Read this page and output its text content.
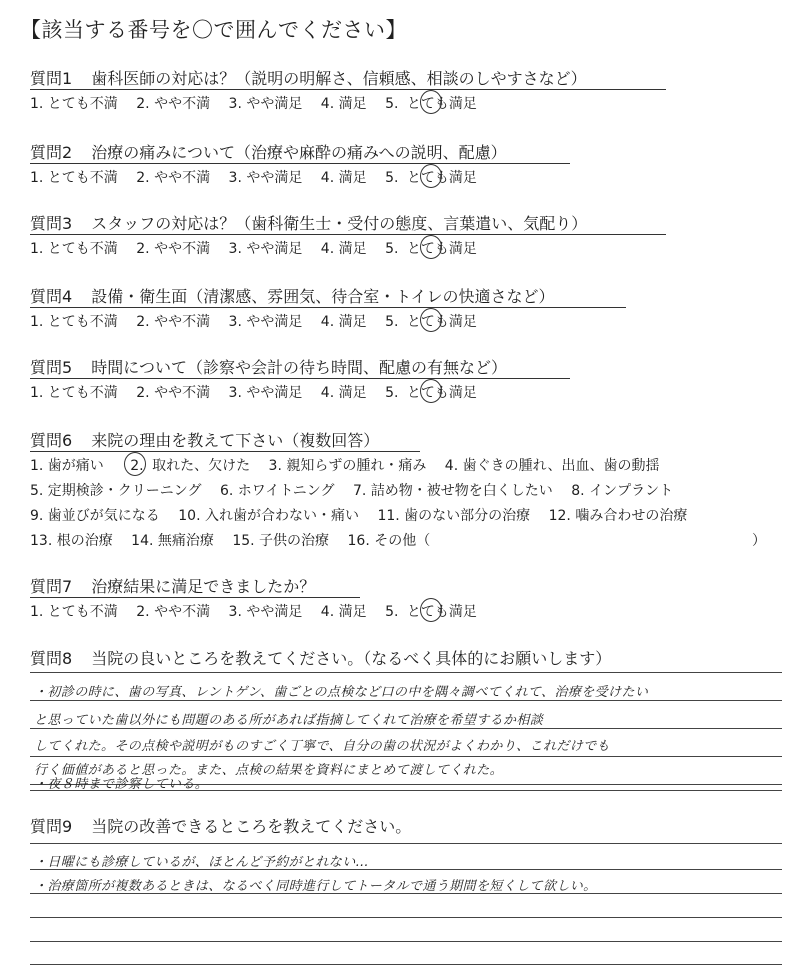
【該当する番号を〇で囲んでください】
質問1 歯科医師の対応は？（説明の明解さ、信頼感、相談のしやすさなど）
1. とても不満 2. やや不満 3. やや満足 4. 満足 5. とても満足
質問2 治療の痛みについて（治療や麻酔の痛みへの説明、配慮）
1. とても不満 2. やや不満 3. やや満足 4. 満足 5. とても満足
質問3 スタッフの対応は？（歯科衛生士・受付の態度、言葉遣い、気配り）
1. とても不満 2. やや不満 3. やや満足 4. 満足 5. とても満足
質問4 設備・衛生面（清潔感、雰囲気、待合室・トイレの快適さなど）
1. とても不満 2. やや不満 3. やや満足 4. 満足 5. とても満足
質問5 時間について（診察や会計の待ち時間、配慮の有無など）
1. とても不満 2. やや不満 3. やや満足 4. 満足 5. とても満足
質問6 来院の理由を教えて下さい（複数回答）
1. 歯が痛い 2. 取れた、欠けた 3. 親知らずの腫れ・痛み 4. 歯ぐきの腫れ、出血、歯の動揺
5. 定期検診・クリーニング 6. ホワイトニング 7. 詰め物・被せ物を白くしたい 8. インプラント
9. 歯並びが気になる 10. 入れ歯が合わない・痛い 11. 歯のない部分の治療 12. 噛み合わせの治療
13. 根の治療 14. 無痛治療 15. 子供の治療 16. その他（	）
質問7 治療結果に満足できましたか？
1. とても不満 2. やや不満 3. やや満足 4. 満足 5. とても満足
質問8 当院の良いところを教えてください。（なるべく具体的にお願いします）
・初診の時に、歯の写真、レントゲン、歯ごとの点検など口の中を隅々調べてくれて、治療を受けたい
と思っていた歯以外にも問題のある所があれば指摘してくれて治療を希望するか相談
してくれた。その点検や説明がものすごく丁寧で、自分の歯の状況がよくわかり、これだけでも
行く価値があると思った。また、点検の結果を資料にまとめて渡してくれた。
・夜８時まで診察している。
質問9 当院の改善できるところを教えてください。
・日曜にも診療しているが、ほとんど予約がとれない…
・治療箇所が複数あるときは、なるべく同時進行してトータルで通う期間を短くして欲しい。
